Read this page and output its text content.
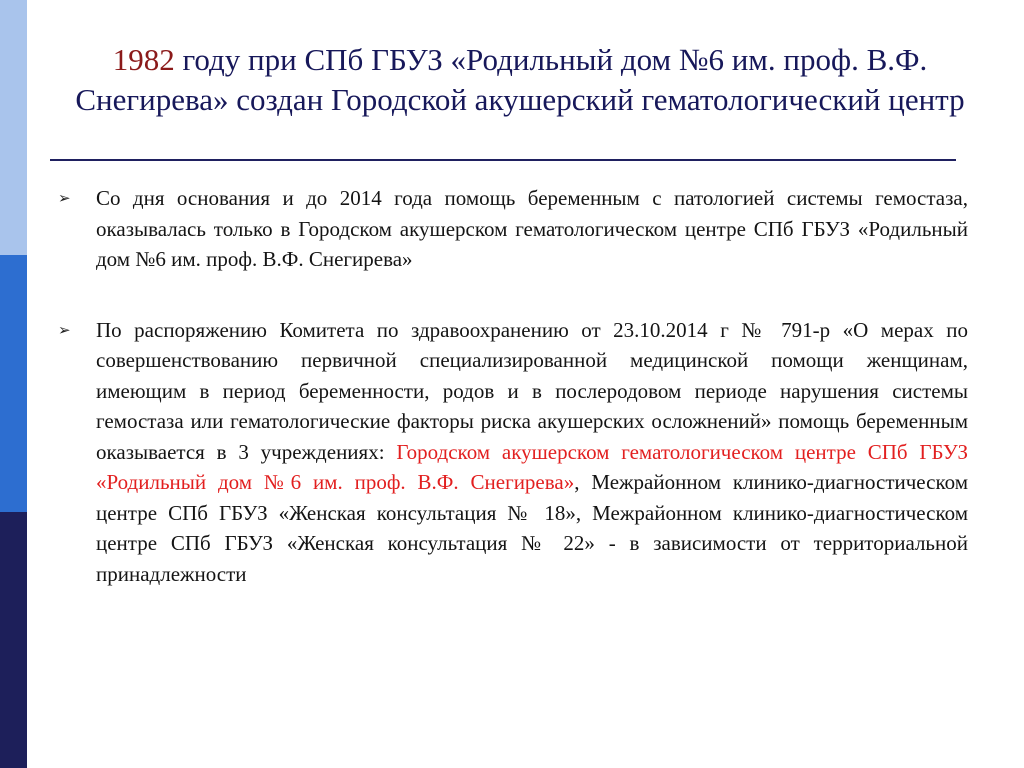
1982 году при СПб ГБУЗ «Родильный дом №6 им. проф. В.Ф. Снегирева» создан Городской акушерский гематологический центр
➢ Со дня основания и до 2014 года помощь беременным с патологией системы гемостаза, оказывалась только в Городском акушерском гематологическом центре СПб ГБУЗ «Родильный дом №6 им. проф. В.Ф. Снегирева»
➢ По распоряжению Комитета по здравоохранению от 23.10.2014 г № 791-р «О мерах по совершенствованию первичной специализированной медицинской помощи женщинам, имеющим в период беременности, родов и в послеродовом периоде нарушения системы гемостаза или гематологические факторы риска акушерских осложнений» помощь беременным оказывается в 3 учреждениях: Городском акушерском гематологическом центре СПб ГБУЗ «Родильный дом №6 им. проф. В.Ф. Снегирева», Межрайонном клинико-диагностическом центре СПб ГБУЗ «Женская консультация № 18», Межрайонном клинико-диагностическом центре СПб ГБУЗ «Женская консультация № 22» - в зависимости от территориальной принадлежности
